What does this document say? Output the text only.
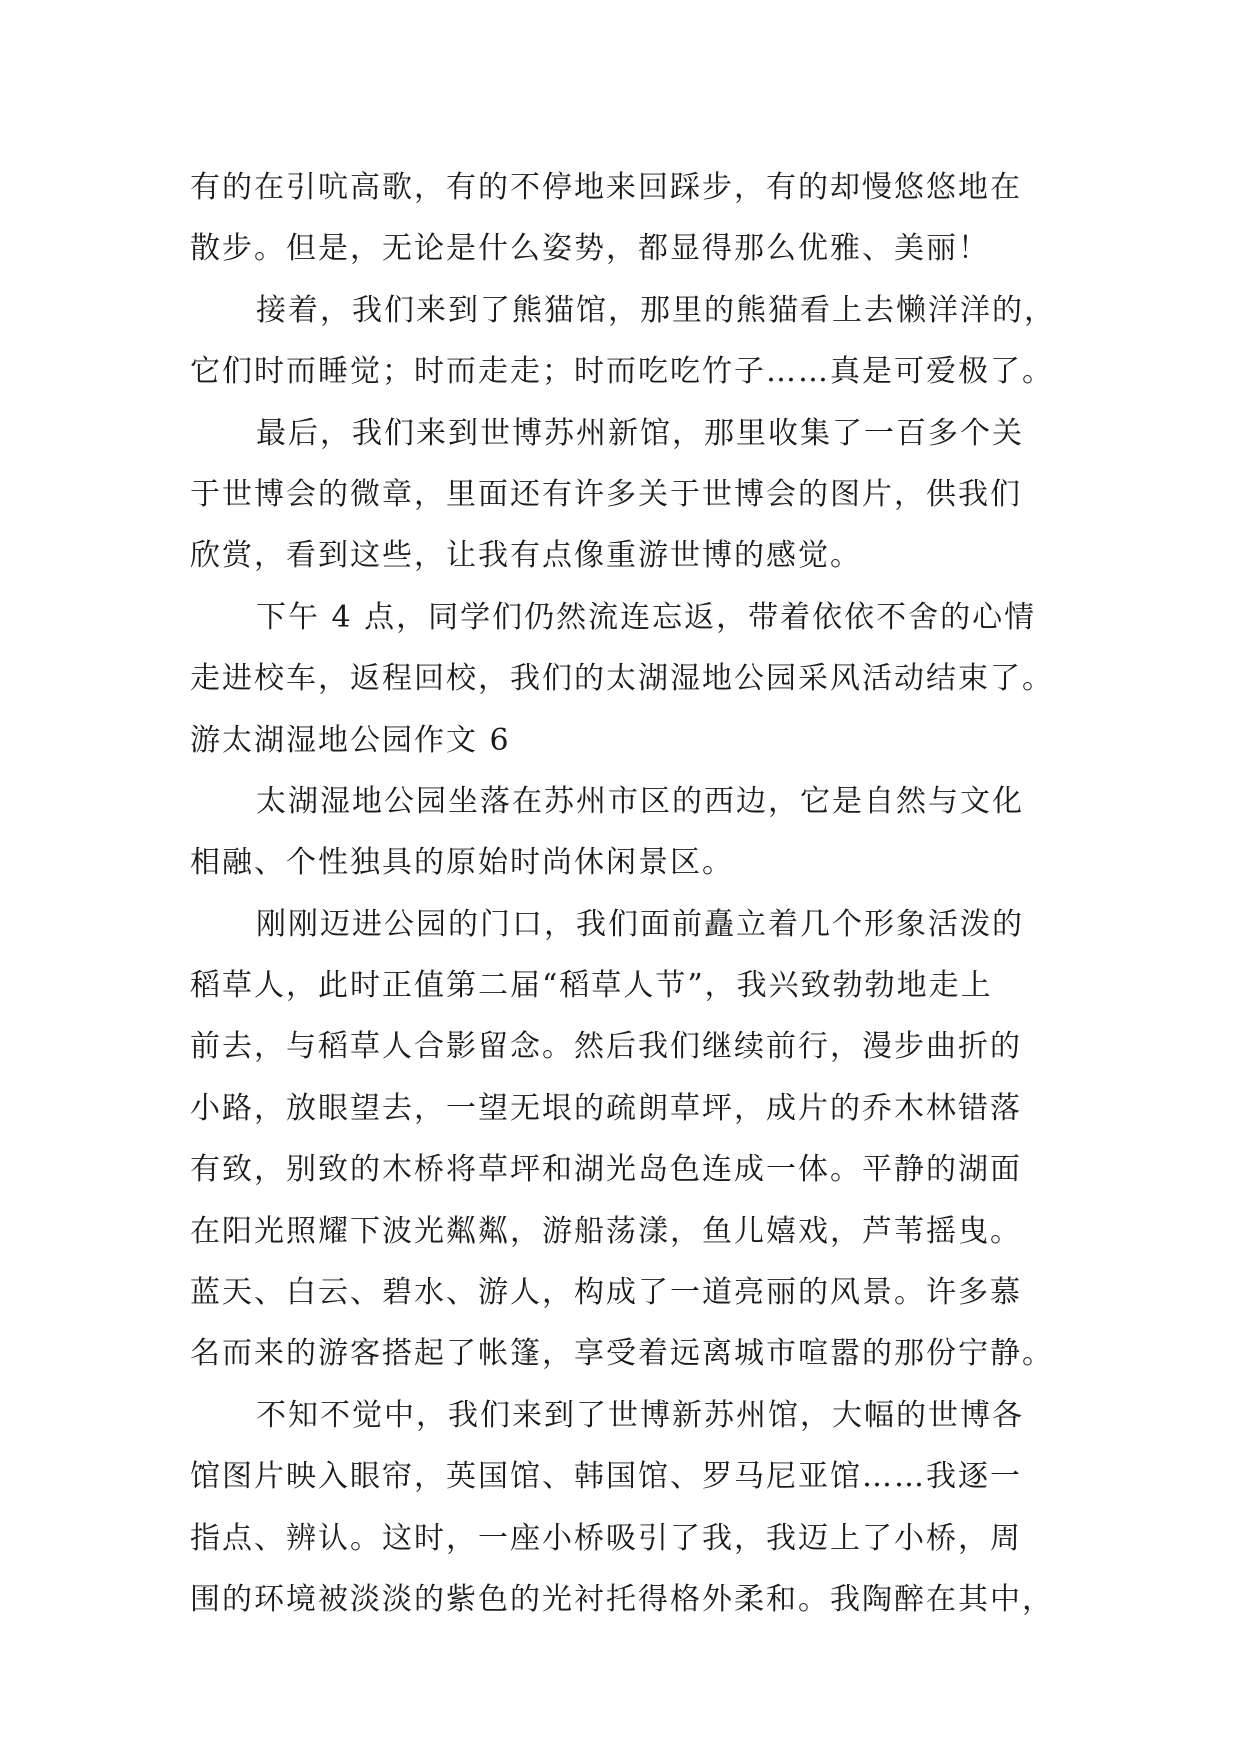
有的在引吭高歌，有的不停地来回踩步，有的却慢悠悠地在
散步。但是，无论是什么姿势，都显得那么优雅、美丽！
接着，我们来到了熊猫馆，那里的熊猫看上去懒洋洋的，
它们时而睡觉；时而走走；时而吃吃竹子……真是可爱极了。
最后，我们来到世博苏州新馆，那里收集了一百多个关
于世博会的微章，里面还有许多关于世博会的图片，供我们
欣赏，看到这些，让我有点像重游世博的感觉。
下午 4 点，同学们仍然流连忘返，带着依依不舍的心情
走进校车，返程回校，我们的太湖湿地公园采风活动结束了。
游太湖湿地公园作文 6
太湖湿地公园坐落在苏州市区的西边，它是自然与文化
相融、个性独具的原始时尚休闲景区。
刚刚迈进公园的门口，我们面前矗立着几个形象活泼的
稻草人，此时正值第二届“稻草人节”，我兴致勃勃地走上
前去，与稻草人合影留念。然后我们继续前行，漫步曲折的
小路，放眼望去，一望无垠的疏朗草坪，成片的乔木林错落
有致，别致的木桥将草坪和湖光岛色连成一体。平静的湖面
在阳光照耀下波光粼粼，游船荡漾，鱼儿嬉戏，芦苇摇曳。
蓝天、白云、碧水、游人，构成了一道亮丽的风景。许多慕
名而来的游客搭起了帐篷，享受着远离城市喧嚣的那份宁静。
不知不觉中，我们来到了世博新苏州馆，大幅的世博各
馆图片映入眼帘，英国馆、韩国馆、罗马尼亚馆……我逐一
指点、辨认。这时，一座小桥吸引了我，我迈上了小桥，周
围的环境被淡淡的紫色的光衬托得格外柔和。我陶醉在其中，
